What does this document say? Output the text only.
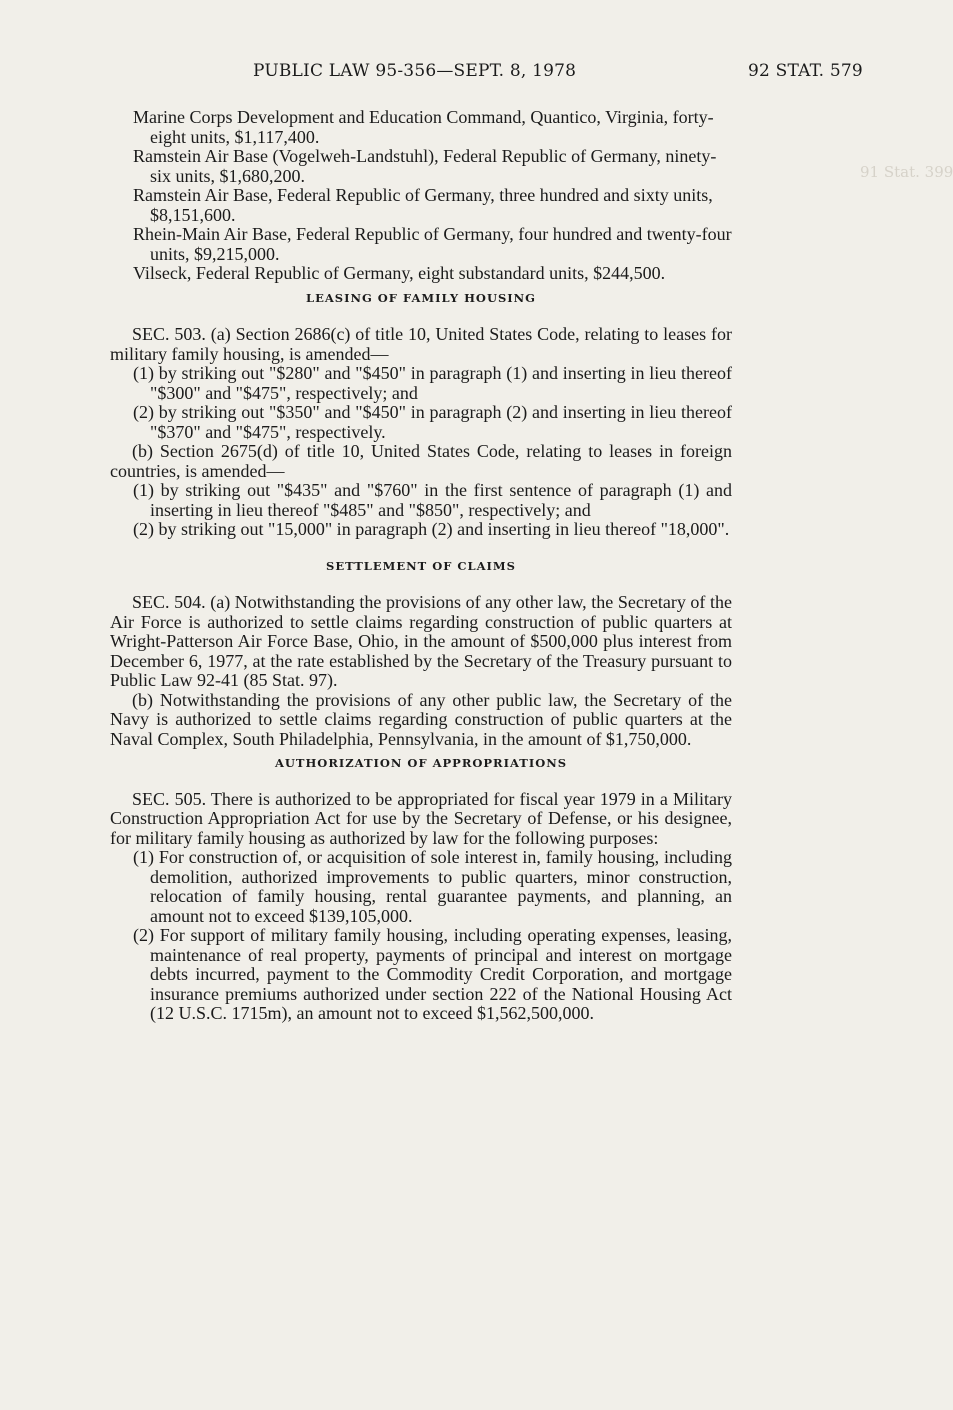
91 Stat. 399
PUBLIC LAW 95-356—SEPT. 8, 1978	92 STAT. 579

Marine Corps Development and Education Command, Quantico, Virginia, forty-eight units, $1,117,400.

Ramstein Air Base (Vogelweh-Landstuhl), Federal Republic of Germany, ninety-six units, $1,680,200.

Ramstein Air Base, Federal Republic of Germany, three hundred and sixty units, $8,151,600.

Rhein-Main Air Base, Federal Republic of Germany, four hundred and twenty-four units, $9,215,000.

Vilseck, Federal Republic of Germany, eight substandard units, $244,500.

LEASING OF FAMILY HOUSING

SEC. 503. (a) Section 2686(c) of title 10, United States Code, relating to leases for military family housing, is amended—

(1) by striking out "$280" and "$450" in paragraph (1) and inserting in lieu thereof "$300" and "$475", respectively; and

(2) by striking out "$350" and "$450" in paragraph (2) and inserting in lieu thereof "$370" and "$475", respectively.

(b) Section 2675(d) of title 10, United States Code, relating to leases in foreign countries, is amended—

(1) by striking out "$435" and "$760" in the first sentence of paragraph (1) and inserting in lieu thereof "$485" and "$850", respectively; and

(2) by striking out "15,000" in paragraph (2) and inserting in lieu thereof "18,000".

SETTLEMENT OF CLAIMS

SEC. 504. (a) Notwithstanding the provisions of any other law, the Secretary of the Air Force is authorized to settle claims regarding construction of public quarters at Wright-Patterson Air Force Base, Ohio, in the amount of $500,000 plus interest from December 6, 1977, at the rate established by the Secretary of the Treasury pursuant to Public Law 92-41 (85 Stat. 97).

(b) Notwithstanding the provisions of any other public law, the Secretary of the Navy is authorized to settle claims regarding construction of public quarters at the Naval Complex, South Philadelphia, Pennsylvania, in the amount of $1,750,000.

AUTHORIZATION OF APPROPRIATIONS

SEC. 505. There is authorized to be appropriated for fiscal year 1979 in a Military Construction Appropriation Act for use by the Secretary of Defense, or his designee, for military family housing as authorized by law for the following purposes:

(1) For construction of, or acquisition of sole interest in, family housing, including demolition, authorized improvements to public quarters, minor construction, relocation of family housing, rental guarantee payments, and planning, an amount not to exceed $139,105,000.

(2) For support of military family housing, including operating expenses, leasing, maintenance of real property, payments of principal and interest on mortgage debts incurred, payment to the Commodity Credit Corporation, and mortgage insurance premiums authorized under section 222 of the National Housing Act (12 U.S.C. 1715m), an amount not to exceed $1,562,500,000.
